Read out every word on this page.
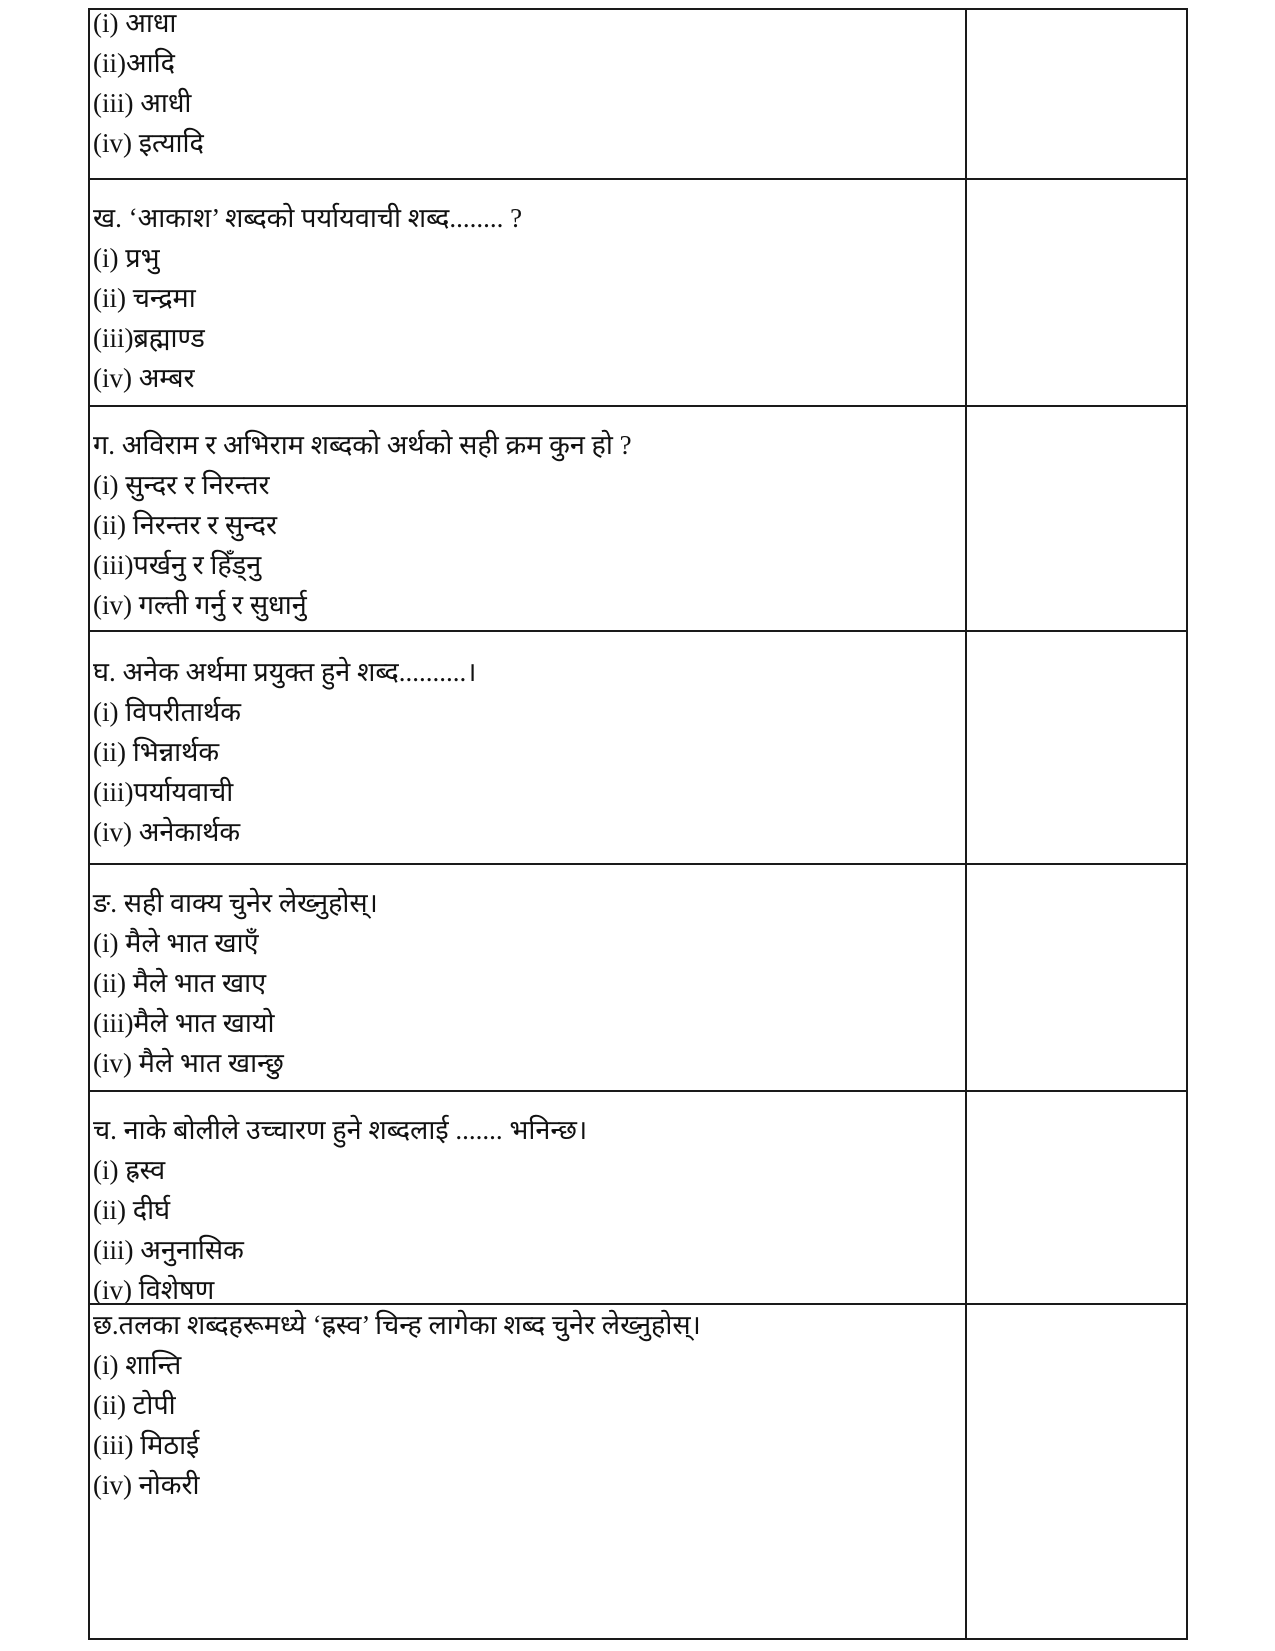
(i) आधा

(ii)आदि

(iii) आधी

(iv) इत्यादि

ख. ‘आकाश’ शब्दको पर्यायवाची शब्द........ ?

(i) प्रभु

(ii) चन्द्रमा

(iii)ब्रह्माण्ड

(iv) अम्बर

ग. अविराम र अभिराम शब्दको अर्थको सही क्रम कुन हो ?

(i) सुन्दर र निरन्तर

(ii) निरन्तर र सुन्दर

(iii)पर्खनु र हिँड्नु

(iv) गल्ती गर्नु र सुधार्नु

घ. अनेक अर्थमा प्रयुक्त हुने शब्द..........।

(i) विपरीतार्थक

(ii) भिन्नार्थक

(iii)पर्यायवाची

(iv) अनेकार्थक

ङ. सही वाक्य चुनेर लेख्नुहोस्।

(i) मैले भात खाएँ

(ii) मैले भात खाए

(iii)मैले भात खायो

(iv) मैले भात खान्छु

च. नाके बोलीले उच्चारण हुने शब्दलाई ....... भनिन्छ।

(i) ह्रस्व

(ii) दीर्घ

(iii) अनुनासिक

(iv) विशेषण

छ.तलका शब्दहरूमध्ये ‘ह्रस्व’ चिन्ह लागेका शब्द चुनेर लेख्नुहोस्।

(i) शान्ति

(ii) टोपी

(iii) मिठाई

(iv) नोकरी
